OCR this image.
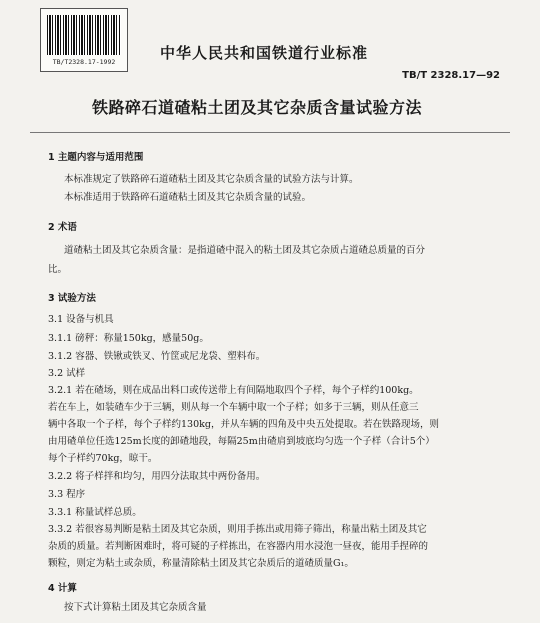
TB/T2328.17-1992	中华人民共和国铁道行业标准
TB/T 2328.17—92
铁路碎石道碴粘土团及其它杂质含量试验方法
1 主题内容与适用范围
本标准规定了铁路碎石道碴粘土团及其它杂质含量的试验方法与计算。
本标准适用于铁路碎石道碴粘土团及其它杂质含量的试验。
2 术语
道碴粘土团及其它杂质含量：是指道碴中混入的粘土团及其它杂质占道碴总质量的百分
比。
3 试验方法
3.1 设备与机具
3.1.1 磅秤：称量150kg，感量50g。
3.1.2 容器、铁锹或铁叉、竹筐或尼龙袋、塑料布。
3.2 试样
3.2.1 若在碴场，则在成品出料口或传送带上有间隔地取四个子样，每个子样约100kg。
若在车上，如装碴车少于三辆，则从每一个车辆中取一个子样；如多于三辆，则从任意三
辆中各取一个子样，每个子样约130kg，并从车辆的四角及中央五处提取。若在铁路现场，则
由用碴单位任选125m长度的卸碴地段，每隔25m由碴肩到坡底均匀选一个子样（合计5个）
每个子样约70kg，晾干。
3.2.2 将子样拌和均匀，用四分法取其中两份备用。
3.3 程序
3.3.1 称量试样总质。
3.3.2 若很容易判断是粘土团及其它杂质，则用手拣出或用筛子筛出，称量出粘土团及其它
杂质的质量。若判断困难时，将可疑的子样拣出，在容器内用水浸泡一昼夜，能用手捏碎的
颗粒，则定为粘土或杂质，称量清除粘土团及其它杂质后的道碴质量G₁。
4 计算
按下式计算粘土团及其它杂质含量
